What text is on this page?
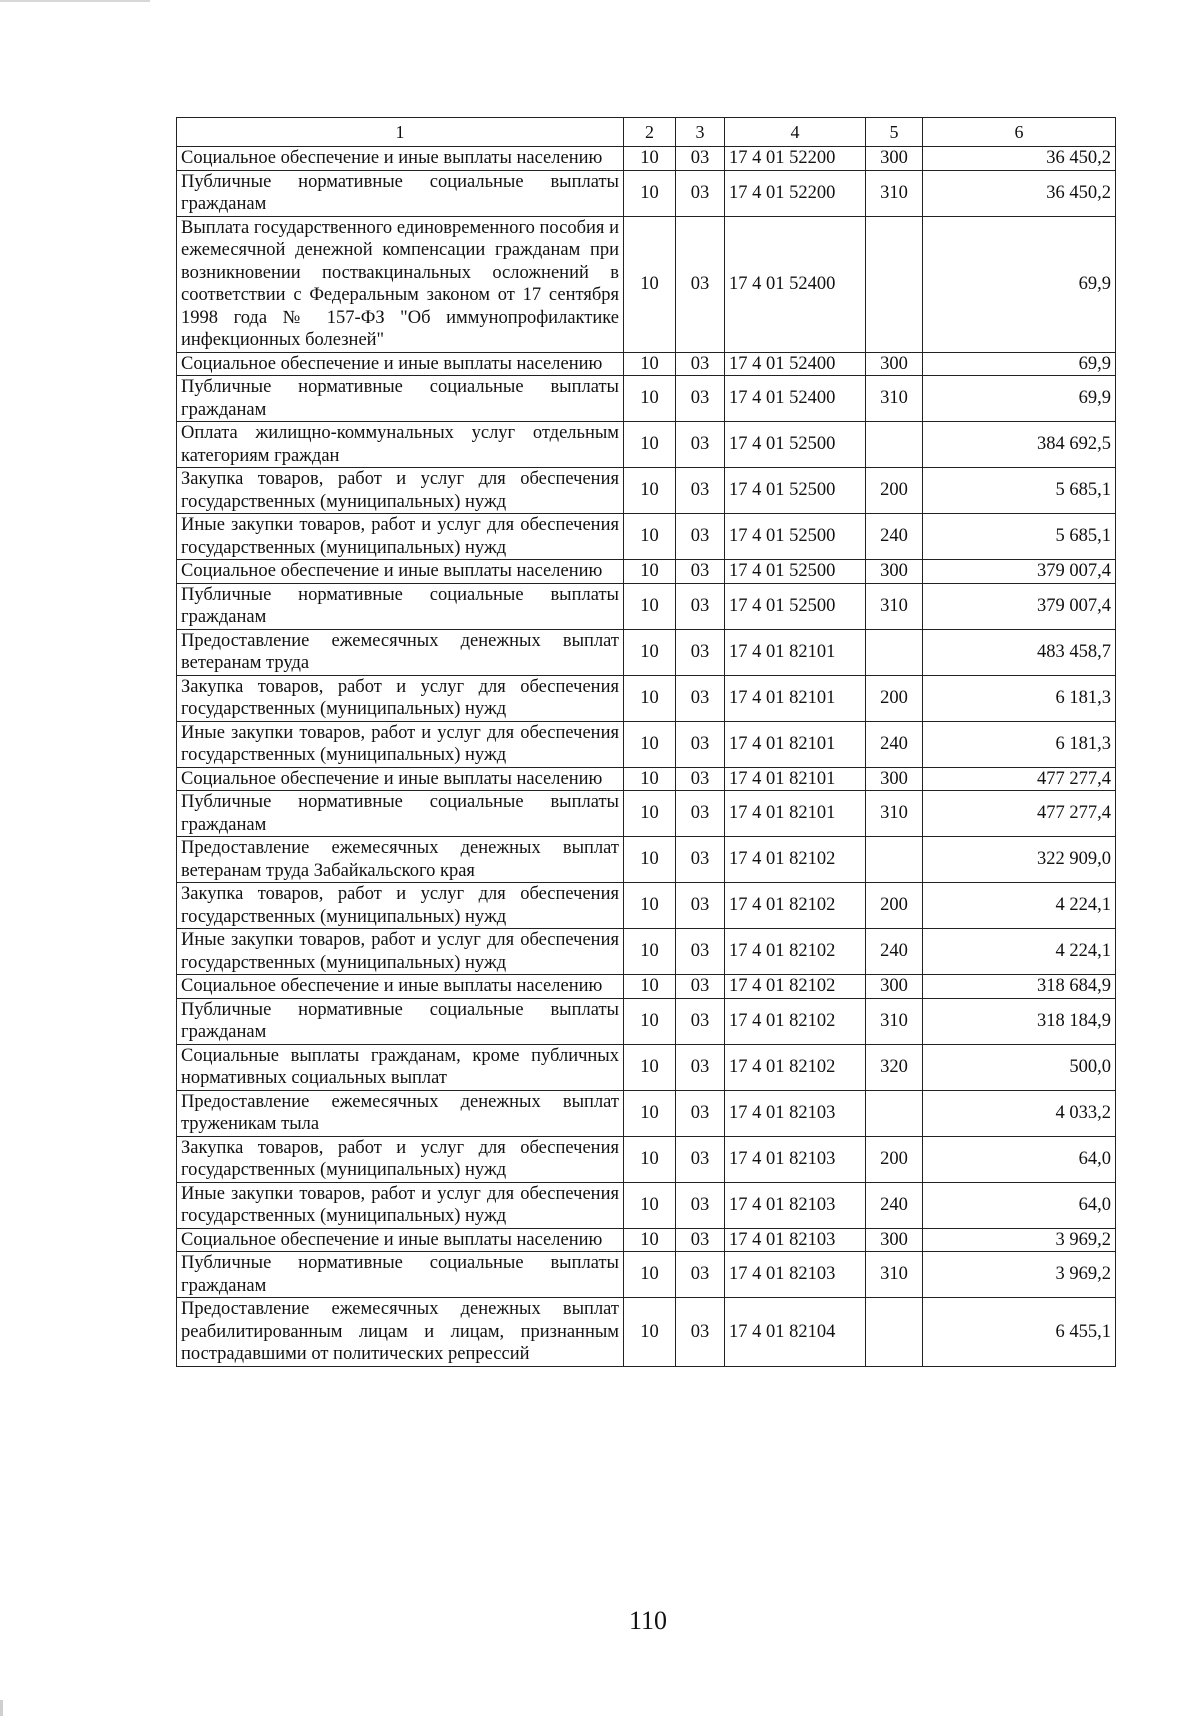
1	2	3	4	5	6
Социальное обеспечение и иные выплаты населению	10	03	17 4 01 52200	300	36 450,2
Публичные нормативные социальные выплаты гражданам	10	03	17 4 01 52200	310	36 450,2
Выплата государственного единовременного пособия и ежемесячной денежной компенсации гражданам при возникновении поствакцинальных осложнений в соответствии с Федеральным законом от 17 сентября 1998 года № 157-ФЗ "Об иммунопрофилактике инфекционных болезней"	10	03	17 4 01 52400		69,9
Социальное обеспечение и иные выплаты населению	10	03	17 4 01 52400	300	69,9
Публичные нормативные социальные выплаты гражданам	10	03	17 4 01 52400	310	69,9
Оплата жилищно-коммунальных услуг отдельным категориям граждан	10	03	17 4 01 52500		384 692,5
Закупка товаров, работ и услуг для обеспечения государственных (муниципальных) нужд	10	03	17 4 01 52500	200	5 685,1
Иные закупки товаров, работ и услуг для обеспечения государственных (муниципальных) нужд	10	03	17 4 01 52500	240	5 685,1
Социальное обеспечение и иные выплаты населению	10	03	17 4 01 52500	300	379 007,4
Публичные нормативные социальные выплаты гражданам	10	03	17 4 01 52500	310	379 007,4
Предоставление ежемесячных денежных выплат ветеранам труда	10	03	17 4 01 82101		483 458,7
Закупка товаров, работ и услуг для обеспечения государственных (муниципальных) нужд	10	03	17 4 01 82101	200	6 181,3
Иные закупки товаров, работ и услуг для обеспечения государственных (муниципальных) нужд	10	03	17 4 01 82101	240	6 181,3
Социальное обеспечение и иные выплаты населению	10	03	17 4 01 82101	300	477 277,4
Публичные нормативные социальные выплаты гражданам	10	03	17 4 01 82101	310	477 277,4
Предоставление ежемесячных денежных выплат ветеранам труда Забайкальского края	10	03	17 4 01 82102		322 909,0
Закупка товаров, работ и услуг для обеспечения государственных (муниципальных) нужд	10	03	17 4 01 82102	200	4 224,1
Иные закупки товаров, работ и услуг для обеспечения государственных (муниципальных) нужд	10	03	17 4 01 82102	240	4 224,1
Социальное обеспечение и иные выплаты населению	10	03	17 4 01 82102	300	318 684,9
Публичные нормативные социальные выплаты гражданам	10	03	17 4 01 82102	310	318 184,9
Социальные выплаты гражданам, кроме публичных нормативных социальных выплат	10	03	17 4 01 82102	320	500,0
Предоставление ежемесячных денежных выплат труженикам тыла	10	03	17 4 01 82103		4 033,2
Закупка товаров, работ и услуг для обеспечения государственных (муниципальных) нужд	10	03	17 4 01 82103	200	64,0
Иные закупки товаров, работ и услуг для обеспечения государственных (муниципальных) нужд	10	03	17 4 01 82103	240	64,0
Социальное обеспечение и иные выплаты населению	10	03	17 4 01 82103	300	3 969,2
Публичные нормативные социальные выплаты гражданам	10	03	17 4 01 82103	310	3 969,2
Предоставление ежемесячных денежных выплат реабилитированным лицам и лицам, признанным пострадавшими от политических репрессий	10	03	17 4 01 82104		6 455,1
110
